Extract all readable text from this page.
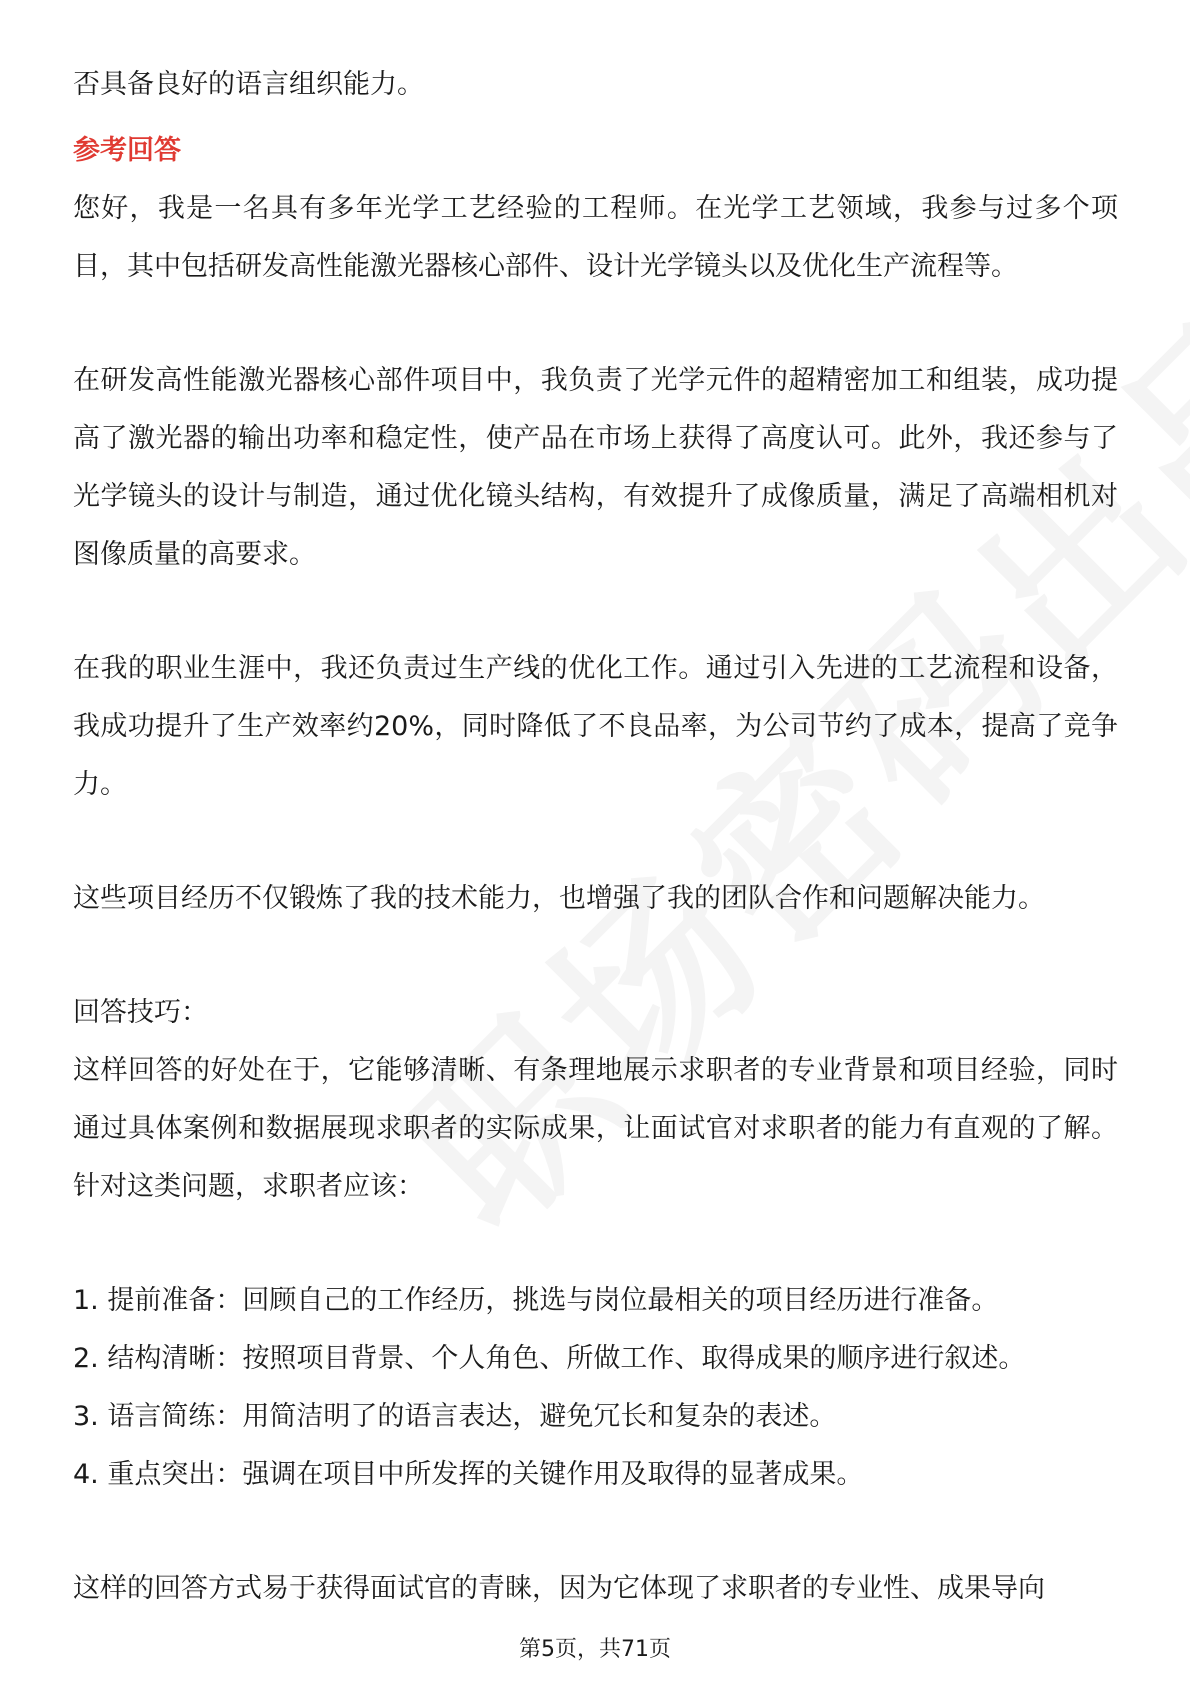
否具备良好的语言组织能力。

参考回答

您好，我是一名具有多年光学工艺经验的工程师。在光学工艺领域，我参与过多个项目，其中包括研发高性能激光器核心部件、设计光学镜头以及优化生产流程等。

在研发高性能激光器核心部件项目中，我负责了光学元件的超精密加工和组装，成功提高了激光器的输出功率和稳定性，使产品在市场上获得了高度认可。此外，我还参与了光学镜头的设计与制造，通过优化镜头结构，有效提升了成像质量，满足了高端相机对图像质量的高要求。

在我的职业生涯中，我还负责过生产线的优化工作。通过引入先进的工艺流程和设备，我成功提升了生产效率约20%，同时降低了不良品率，为公司节约了成本，提高了竞争力。

这些项目经历不仅锻炼了我的技术能力，也增强了我的团队合作和问题解决能力。

回答技巧：

这样回答的好处在于，它能够清晰、有条理地展示求职者的专业背景和项目经验，同时通过具体案例和数据展现求职者的实际成果，让面试官对求职者的能力有直观的了解。针对这类问题，求职者应该：

1. 提前准备：回顾自己的工作经历，挑选与岗位最相关的项目经历进行准备。
2. 结构清晰：按照项目背景、个人角色、所做工作、取得成果的顺序进行叙述。
3. 语言简练：用简洁明了的语言表达，避免冗长和复杂的表述。
4. 重点突出：强调在项目中所发挥的关键作用及取得的显著成果。

这样的回答方式易于获得面试官的青睐，因为它体现了求职者的专业性、成果导向

第5页，共71页
